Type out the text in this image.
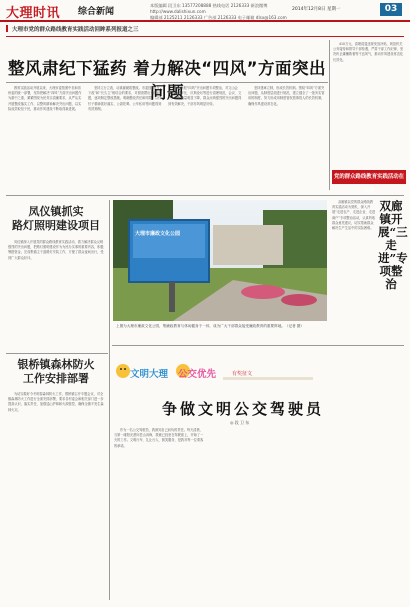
大理时讯 综合新闻
本版编辑 段卫东 13577208888 热线电话 2126333 新浪微博 http://www.dalishixun.com
编辑部 2125211 2126333 广告部 2126333 电子邮箱 dlsx@163.com
2014年12月8日 星期一	03
大理市党的群众路线教育实践活动回眸系列报道之三
整风肃纪下猛药 着力解决“四风”方面突出问题

教育实践活动开展以来，大理市委按照中央和省州委的统一部署，坚持把解决“四风”方面突出问题作为重中之重，紧紧围绕为民务实清廉要求，从严从实开展整改落实工作，以整风精神解决突出问题，以实际成效取信于民，推动作风建设不断取得新进展。

坚持立行立改，动真碰硬抓整改。市委按照“当下改”和“长久立”相结合的要求，对照查摆出来的问题，逐项制定整改措施，明确整改责任和时限，以钉钉子精神抓好落实，公款吃喝、公车私用等问题得到有效遏制。

集中开展“四风”突出问题专项整治，对文山会海、检查评比、庆典论坛等进行清理规范，会议、文件、简报数量明显下降，群众反映强烈的突出问题得到有效解决，干部作风明显好转。

坚持建章立制，形成长效机制。围绕“四风”方面突出问题，从制度层面进行规范，建立健全了一批务实管用的制度，努力形成用制度管权管事管人的长效机制，确保作风建设常态化。

410万元，清理清退违规发放补贴，规范机关公务接待和领导干部待遇，严肃干部工作纪律，坚决纠正庸懒散奢等不良风气，推动作风建设常态化长效化。

党的群众路线教育实践活动在大理
凤仪镇抓实
路灯照明建设项目

凤仪镇深入开展党的群众路线教育实践活动，着力解决群众反映强烈的突出问题，把路灯照明建设作为为民办实事的重要内容，积极筹措资金，完成集镇主干道路灯安装工作，方便了群众夜间出行，受到广大群众好评。

银桥镇森林防火
工作安排部署

为切实做好今冬明春森林防火工作，银桥镇召开专题会议，对全镇森林防火工作进行全面安排部署，要求各村委会和相关部门进一步提高认识，落实责任，加强巡山护林和火源管控，确保全镇不发生森林火灾。

大理市廉政文化公园
上图为大理市廉政文化公园，集廉政教育与休闲健身于一体，成为广大干部群众接受廉政教育的重要阵地。（记者 摄）

双廊镇以党的群众路线教育实践活动为契机，深入开展“走进农户、走进企业、走进商户”专项整治活动，认真听取群众意见建议，切实帮助群众解决生产生活中的实际困难。

双廊镇开展“三走进”专项整治
文明大理 公交优先	有奖征文
争做文明公交驾驶员
◎ 段 卫 东

作为一名公交驾驶员，我深知自己肩负的责任。每天清晨，当第一缕阳光洒向苍山洱海，我就已经坐在驾驶座上，开始了一天的工作。文明行车、礼让行人、微笑服务，是我对每一位乘客的承诺。
